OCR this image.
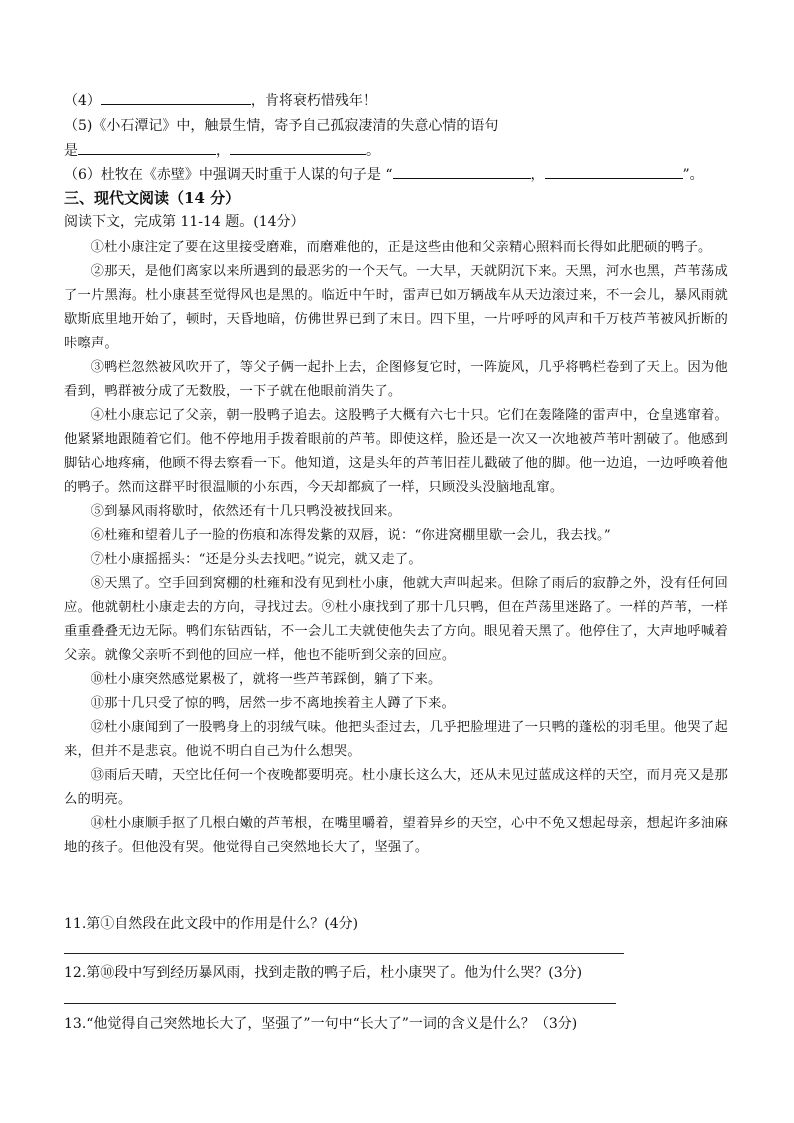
（4）	，肯将衰朽惜残年！
（5)《小石潭记》中，触景生情，寄予自己孤寂凄清的失意心情的语句
是	，	。
（6）杜牧在《赤壁》中强调天时重于人谋的句子是 “	，	”。
三、现代文阅读（14 分）
阅读下文，完成第 11-14 题。(14分）

①杜小康注定了要在这里接受磨难，而磨难他的，正是这些由他和父亲精心照料而长得如此肥硕的鸭子。

②那天，是他们离家以来所遇到的最恶劣的一个天气。一大早，天就阴沉下来。天黑，河水也黑，芦苇荡成了一片黑海。杜小康甚至觉得风也是黑的。临近中午时，雷声已如万辆战车从天边滚过来，不一会儿，暴风雨就歇斯底里地开始了，顿时，天昏地暗，仿佛世界已到了末日。四下里，一片呼呼的风声和千万枝芦苇被风折断的咔嚓声。

③鸭栏忽然被风吹开了，等父子俩一起扑上去，企图修复它时，一阵旋风，几乎将鸭栏卷到了天上。因为他看到，鸭群被分成了无数股，一下子就在他眼前消失了。

④杜小康忘记了父亲，朝一股鸭子追去。这股鸭子大概有六七十只。它们在轰隆隆的雷声中，仓皇逃窜着。他紧紧地跟随着它们。他不停地用手拨着眼前的芦苇。即使这样，脸还是一次又一次地被芦苇叶割破了。他感到脚钻心地疼痛，他顾不得去察看一下。他知道，这是头年的芦苇旧茬儿戳破了他的脚。他一边追，一边呼唤着他的鸭子。然而这群平时很温顺的小东西，今天却都疯了一样，只顾没头没脑地乱窜。

⑤到暴风雨将歇时，依然还有十几只鸭没被找回来。

⑥杜雍和望着儿子一脸的伤痕和冻得发紫的双唇，说：“你进窝棚里歇一会儿，我去找。”

⑦杜小康摇摇头：“还是分头去找吧。”说完，就又走了。

⑧天黑了。空手回到窝棚的杜雍和没有见到杜小康，他就大声叫起来。但除了雨后的寂静之外，没有任何回应。他就朝杜小康走去的方向，寻找过去。⑨杜小康找到了那十几只鸭，但在芦荡里迷路了。一样的芦苇，一样重重叠叠无边无际。鸭们东钻西钻，不一会儿工夫就使他失去了方向。眼见着天黑了。他停住了，大声地呼喊着父亲。就像父亲听不到他的回应一样，他也不能听到父亲的回应。

⑩杜小康突然感觉累极了，就将一些芦苇踩倒，躺了下来。

⑪那十几只受了惊的鸭，居然一步不离地挨着主人蹲了下来。

⑫杜小康闻到了一股鸭身上的羽绒气味。他把头歪过去，几乎把脸埋进了一只鸭的蓬松的羽毛里。他哭了起来，但并不是悲哀。他说不明白自己为什么想哭。

⑬雨后天晴，天空比任何一个夜晚都要明亮。杜小康长这么大，还从未见过蓝成这样的天空，而月亮又是那么的明亮。

⑭杜小康顺手抠了几根白嫩的芦苇根，在嘴里嚼着，望着异乡的天空，心中不免又想起母亲，想起许多油麻地的孩子。但他没有哭。他觉得自己突然地长大了，坚强了。

11.第①自然段在此文段中的作用是什么？(4分)
12.第⑩段中写到经历暴风雨，找到走散的鸭子后，杜小康哭了。他为什么哭？(3分)
13.“他觉得自己突然地长大了，坚强了”一句中“长大了”一词的含义是什么？（3分)
